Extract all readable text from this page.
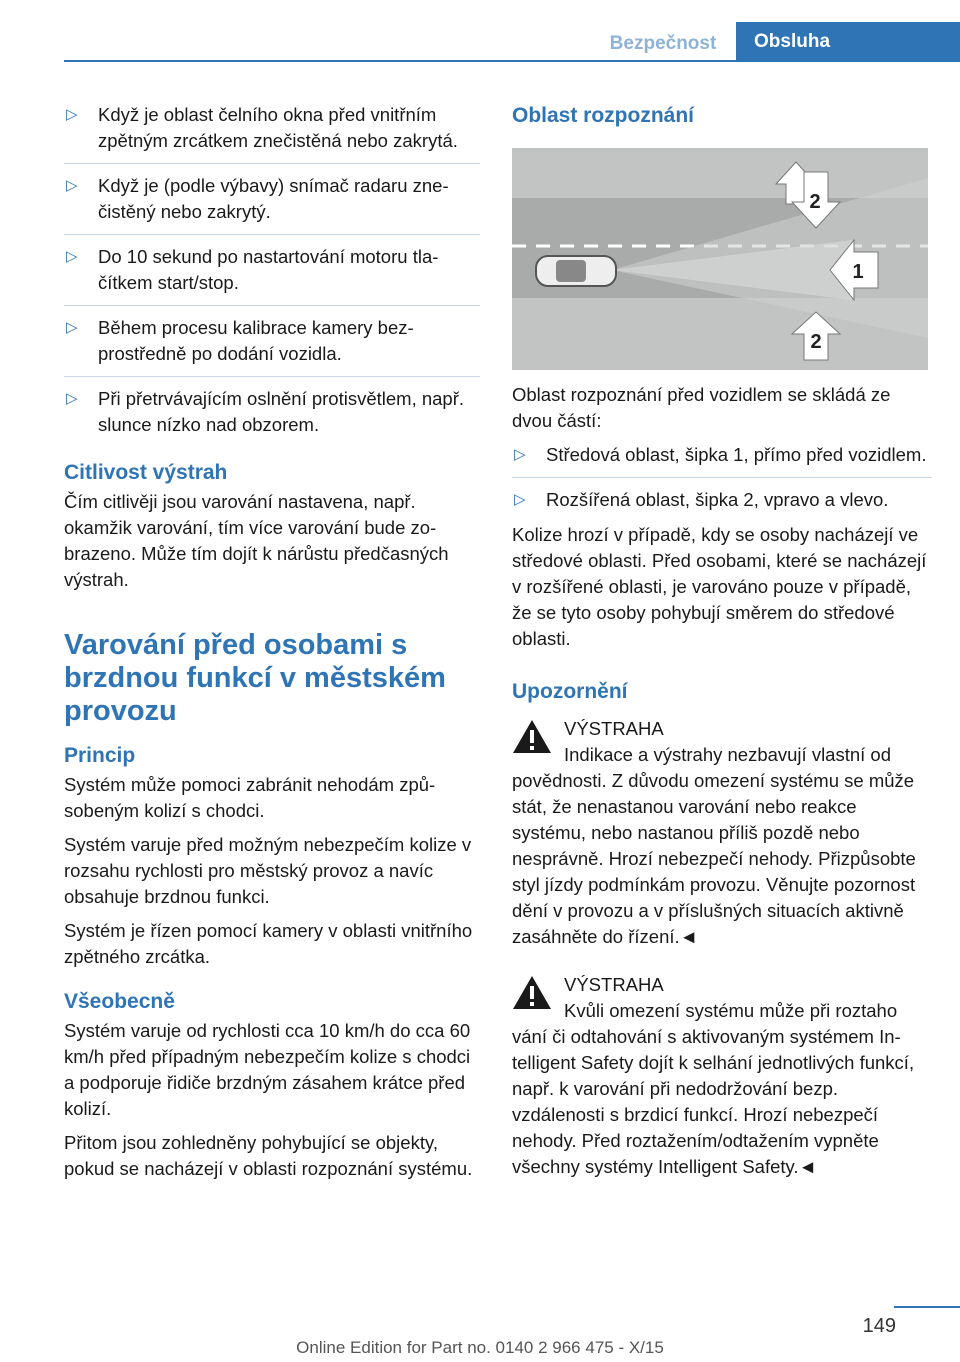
Bezpečnost	Obsluha
▷ Když je oblast čelního okna před vnitřním zpětným zrcátkem znečistěná nebo zakrytá.
▷ Když je (podle výbavy) snímač radaru znečistěný nebo zakrytý.
▷ Do 10 sekund po nastartování motoru tlačítkem start/stop.
▷ Během procesu kalibrace kamery bezprostředně po dodání vozidla.
▷ Při přetrvávajícím oslnění protisvětlem, např. slunce nízko nad obzorem.
Citlivost výstrah

Čím citlivěji jsou varování nastavena, např. okamžik varování, tím více varování bude zobrazeno. Může tím dojít k nárůstu předčasných výstrah.

Varování před osobami s brzdnou funkcí v městském provozu
Princip

Systém může pomoci zabránit nehodám způsobeným kolizí s chodci.

Systém varuje před možným nebezpečím kolize v rozsahu rychlosti pro městský provoz a navíc obsahuje brzdnou funkci.

Systém je řízen pomocí kamery v oblasti vnitřního zpětného zrcátka.

Všeobecně

Systém varuje od rychlosti cca 10 km/h do cca 60 km/h před případným nebezpečím kolize s chodci a podporuje řidiče brzdným zásahem krátce před kolizí.

Přitom jsou zohledněny pohybující se objekty, pokud se nacházejí v oblasti rozpoznání systému.

Oblast rozpoznání
2
1
2

Oblast rozpoznání před vozidlem se skládá ze dvou částí:

▷ Středová oblast, šipka 1, přímo před vozidlem.
▷ Rozšířená oblast, šipka 2, vpravo a vlevo.

Kolize hrozí v případě, kdy se osoby nacházejí ve středové oblasti. Před osobami, které se nacházejí v rozšířené oblasti, je varováno pouze v případě, že se tyto osoby pohybují směrem do středové oblasti.

Upozornění
VÝSTRAHA

Indikace a výstrahy nezbavují vlastní od
povědnosti. Z důvodu omezení systému se může stát, že nenastanou varování nebo reakce systému, nebo nastanou příliš pozdě nebo nesprávně. Hrozí nebezpečí nehody. Přizpůsobte styl jízdy podmínkám provozu. Věnujte pozornost dění v provozu a v příslušných situacích aktivně zasáhněte do řízení.◄

VÝSTRAHA

Kvůli omezení systému může při roztaho
vání či odtahování s aktivovaným systémem Intelligent Safety dojít k selhání jednotlivých funkcí, např. k varování při nedodržování bezp. vzdálenosti s brzdicí funkcí. Hrozí nebezpečí nehody. Před roztažením/odtažením vypněte všechny systémy Intelligent Safety.◄

149
Online Edition for Part no. 0140 2 966 475 - X/15
